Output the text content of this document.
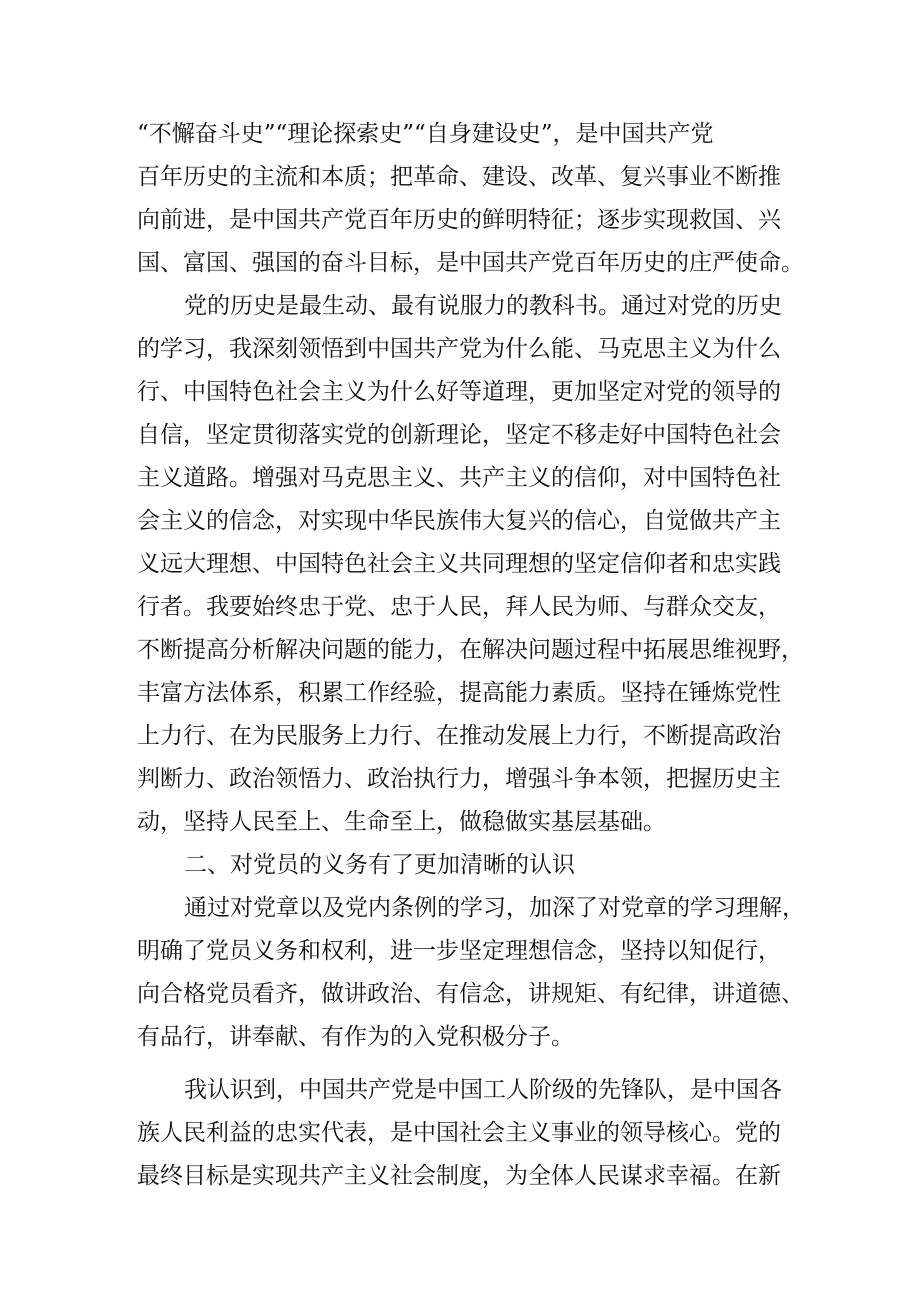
“不懈奋斗史”“理论探索史”“自身建设史”，是中国共产党
百年历史的主流和本质；把革命、建设、改革、复兴事业不断推
向前进，是中国共产党百年历史的鲜明特征；逐步实现救国、兴
国、富国、强国的奋斗目标，是中国共产党百年历史的庄严使命。
党的历史是最生动、最有说服力的教科书。通过对党的历史
的学习，我深刻领悟到中国共产党为什么能、马克思主义为什么
行、中国特色社会主义为什么好等道理，更加坚定对党的领导的
自信，坚定贯彻落实党的创新理论，坚定不移走好中国特色社会
主义道路。增强对马克思主义、共产主义的信仰，对中国特色社
会主义的信念，对实现中华民族伟大复兴的信心，自觉做共产主
义远大理想、中国特色社会主义共同理想的坚定信仰者和忠实践
行者。我要始终忠于党、忠于人民，拜人民为师、与群众交友，
不断提高分析解决问题的能力，在解决问题过程中拓展思维视野，
丰富方法体系，积累工作经验，提高能力素质。坚持在锤炼党性
上力行、在为民服务上力行、在推动发展上力行，不断提高政治
判断力、政治领悟力、政治执行力，增强斗争本领，把握历史主
动，坚持人民至上、生命至上，做稳做实基层基础。
二、对党员的义务有了更加清晰的认识
通过对党章以及党内条例的学习，加深了对党章的学习理解，
明确了党员义务和权利，进一步坚定理想信念，坚持以知促行，
向合格党员看齐，做讲政治、有信念，讲规矩、有纪律，讲道德、
有品行，讲奉献、有作为的入党积极分子。
我认识到，中国共产党是中国工人阶级的先锋队，是中国各
族人民利益的忠实代表，是中国社会主义事业的领导核心。党的
最终目标是实现共产主义社会制度，为全体人民谋求幸福。在新
